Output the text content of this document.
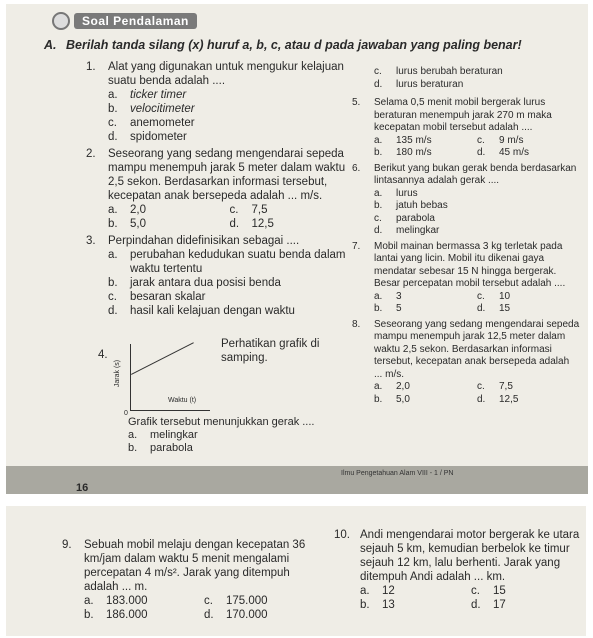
Soal Pendalaman
A. Berilah tanda silang (x) huruf a, b, c, atau d pada jawaban yang paling benar!
1. Alat yang digunakan untuk mengukur kelajuan suatu benda adalah ....
a.	ticker timer
b.	velocitimeter
c.	anemometer
d.	spidometer
2. Seseorang yang sedang mengendarai sepeda mampu menempuh jarak 5 meter dalam waktu 2,5 sekon. Berdasarkan informasi tersebut, kecepatan anak bersepeda adalah ... m/s.
a.	2,0	c.	7,5
b.	5,0	d.	12,5
3. Perpindahan didefinisikan sebagai ....
a.	perubahan kedudukan suatu benda dalam waktu tertentu
b.	jarak antara dua posisi benda
c.	besaran skalar
d.	hasil kali kelajuan dengan waktu
4.
Jarak (s)
Waktu (t)
0
Perhatikan grafik di samping.
Grafik tersebut menunjukkan gerak ....
a.	melingkar
b.	parabola
c.	lurus berubah beraturan
d.	lurus beraturan
5. Selama 0,5 menit mobil bergerak lurus beraturan menempuh jarak 270 m maka kecepatan mobil tersebut adalah ....
a.	135 m/s	c.	9 m/s
b.	180 m/s	d.	45 m/s
6. Berikut yang bukan gerak benda berdasarkan lintasannya adalah gerak ....
a.	lurus
b.	jatuh bebas
c.	parabola
d.	melingkar
7. Mobil mainan bermassa 3 kg terletak pada lantai yang licin. Mobil itu dikenai gaya mendatar sebesar 15 N hingga bergerak. Besar percepatan mobil tersebut adalah ....
a.	3	c.	10
b.	5	d.	15
8. Seseorang yang sedang mengendarai sepeda mampu menempuh jarak 12,5 meter dalam waktu 2,5 sekon. Berdasarkan informasi tersebut, kecepatan anak bersepeda adalah ... m/s.
a.	2,0	c.	7,5
b.	5,0	d.	12,5
Ilmu Pengetahuan Alam VIII - 1 / PN
16
9. Sebuah mobil melaju dengan kecepatan 36 km/jam dalam waktu 5 menit mengalami percepatan 4 m/s². Jarak yang ditempuh adalah ... m.
a.	183.000	c.	175.000
b.	186.000	d.	170.000
10. Andi mengendarai motor bergerak ke utara sejauh 5 km, kemudian berbelok ke timur sejauh 12 km, lalu berhenti. Jarak yang ditempuh Andi adalah ... km.
a.	12	c.	15
b.	13	d.	17
